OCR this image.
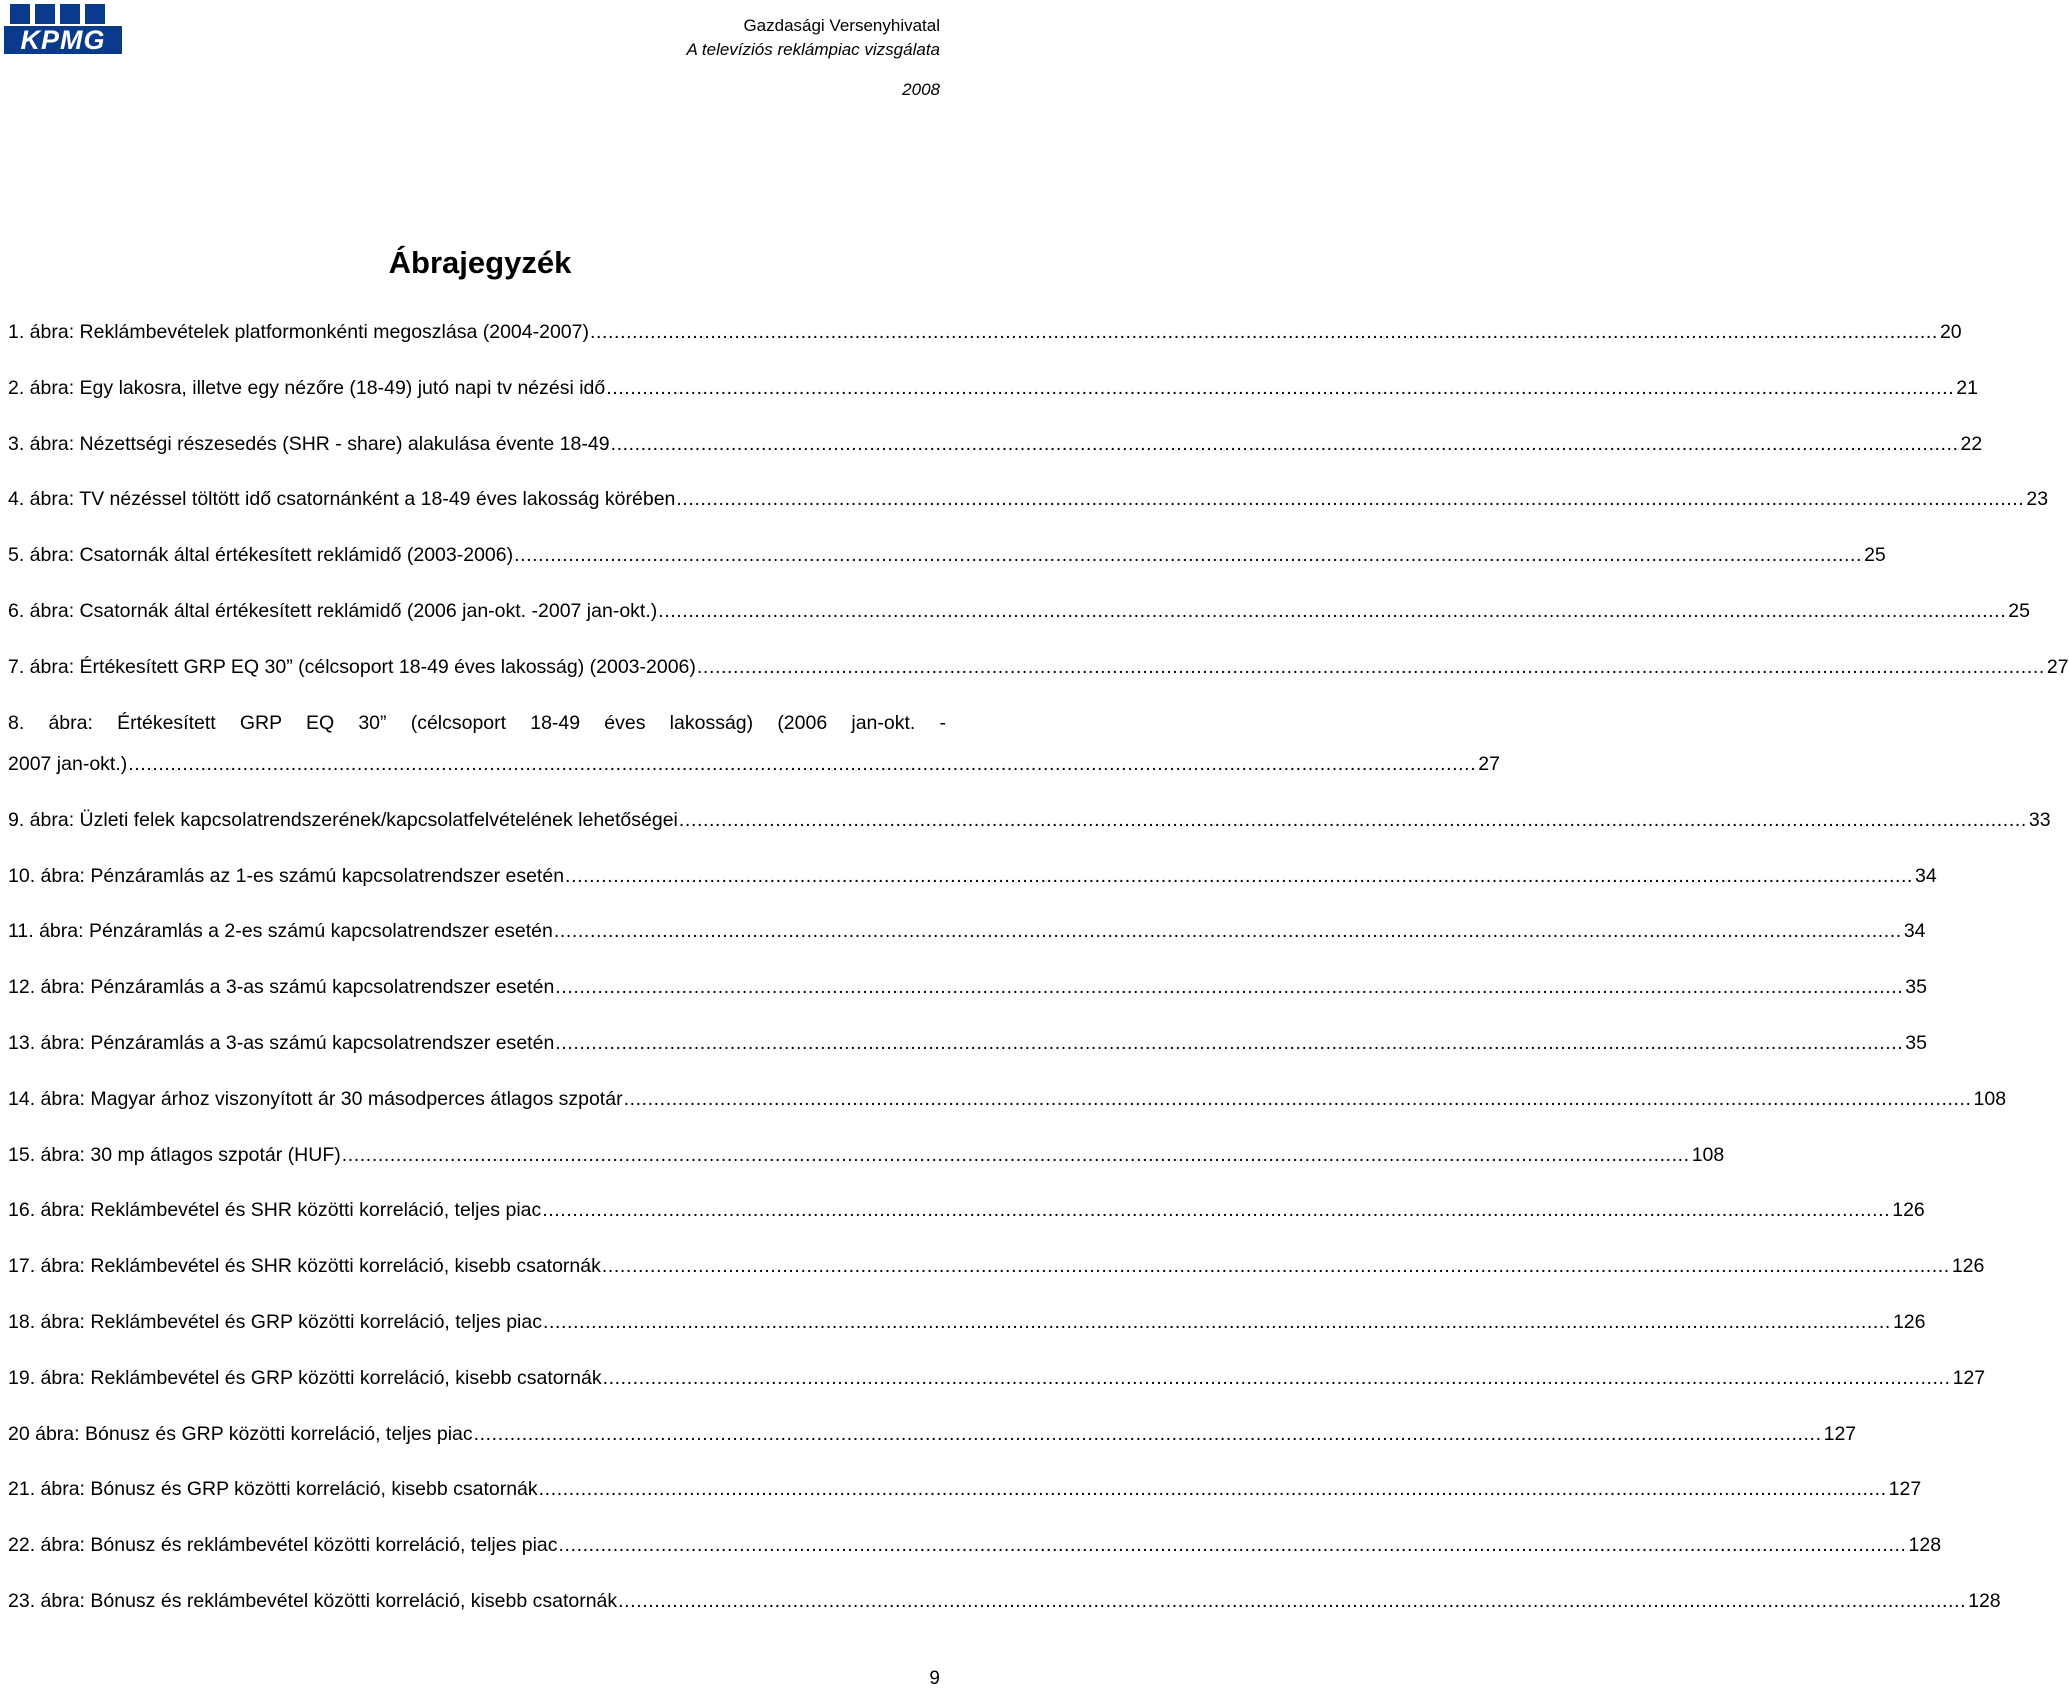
KPMG	Gazdasági Versenyhivatal
A televíziós reklámpiac vizsgálata
2008
Ábrajegyzék
1. ábra: Reklámbevételek platformonkénti megoszlása (2004-2007) .....	20
2. ábra: Egy lakosra, illetve egy nézőre (18-49) jutó napi tv nézési idő .....	21
3. ábra: Nézettségi részesedés (SHR - share) alakulása évente 18-49 .....	22
4. ábra: TV nézéssel töltött idő csatornánként a 18-49 éves lakosság körében .....	23
5. ábra: Csatornák által értékesített reklámidő (2003-2006) .....	25
6. ábra: Csatornák által értékesített reklámidő (2006 jan-okt. -2007 jan-okt.) .....	25
7. ábra: Értékesített GRP EQ 30” (célcsoport 18-49 éves lakosság) (2003-2006) .....	27
8. ábra: Értékesített GRP EQ 30” (célcsoport 18-49 éves lakosság) (2006 jan-okt. -
2007 jan-okt.) .....	27
9. ábra: Üzleti felek kapcsolatrendszerének/kapcsolatfelvételének lehetőségei .....	33
10. ábra: Pénzáramlás az 1-es számú kapcsolatrendszer esetén .....	34
11. ábra: Pénzáramlás a 2-es számú kapcsolatrendszer esetén .....	34
12. ábra: Pénzáramlás a 3-as számú kapcsolatrendszer esetén .....	35
13. ábra: Pénzáramlás a 3-as számú kapcsolatrendszer esetén .....	35
14. ábra: Magyar árhoz viszonyított ár 30 másodperces átlagos szpotár .....	108
15. ábra: 30 mp átlagos szpotár (HUF) .....	108
16. ábra: Reklámbevétel és SHR közötti korreláció, teljes piac .....	126
17. ábra: Reklámbevétel és SHR közötti korreláció, kisebb csatornák .....	126
18. ábra: Reklámbevétel és GRP közötti korreláció, teljes piac .....	126
19. ábra: Reklámbevétel és GRP közötti korreláció, kisebb csatornák .....	127
20 ábra: Bónusz és GRP közötti korreláció, teljes piac .....	127
21. ábra: Bónusz és GRP közötti korreláció, kisebb csatornák .....	127
22. ábra: Bónusz és reklámbevétel közötti korreláció, teljes piac .....	128
23. ábra: Bónusz és reklámbevétel közötti korreláció, kisebb csatornák .....	128
9
